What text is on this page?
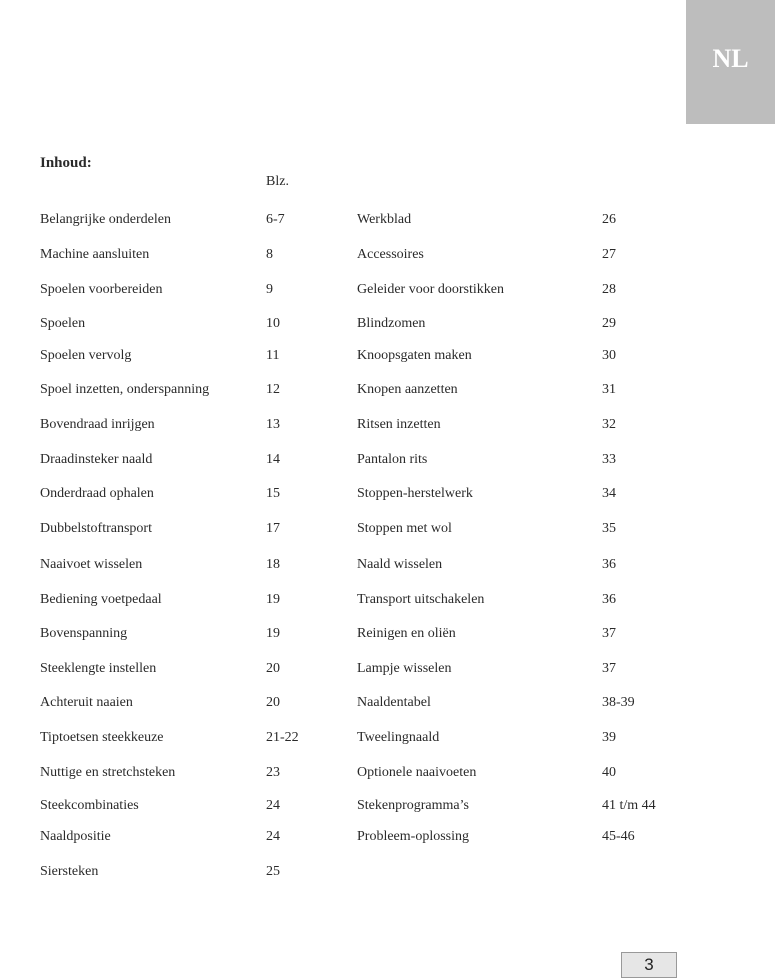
NL
Inhoud:
Blz.
Belangrijke onderdelen	6-7
Machine aansluiten	8
Spoelen voorbereiden	9
Spoelen	10
Spoelen vervolg	11
Spoel inzetten, onderspanning	12
Bovendraad inrijgen	13
Draadinsteker naald	14
Onderdraad ophalen	15
Dubbelstoftransport	17
Naaivoet wisselen	18
Bediening voetpedaal	19
Bovenspanning	19
Steeklengte instellen	20
Achteruit naaien	20
Tiptoetsen steekkeuze	21-22
Nuttige en stretchsteken	23
Steekcombinaties	24
Naaldpositie	24
Siersteken	25
Werkblad	26
Accessoires	27
Geleider voor doorstikken	28
Blindzomen	29
Knoopsgaten maken	30
Knopen aanzetten	31
Ritsen inzetten	32
Pantalon rits	33
Stoppen-herstelwerk	34
Stoppen met wol	35
Naald wisselen	36
Transport uitschakelen	36
Reinigen en oliën	37
Lampje wisselen	37
Naaldentabel	38-39
Tweelingnaald	39
Optionele naaivoeten	40
Stekenprogramma’s	41 t/m 44
Probleem-oplossing	45-46
3
